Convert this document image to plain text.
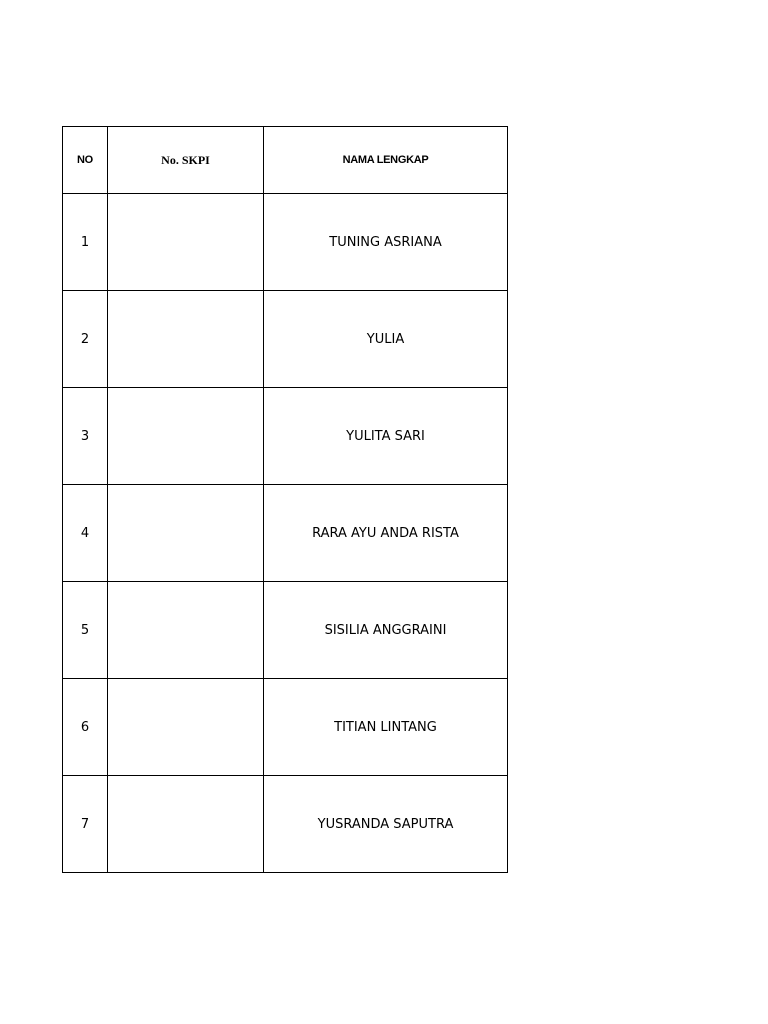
NO	No. SKPI	NAMA LENGKAP
1		TUNING ASRIANA
2		YULIA
3		YULITA SARI
4		RARA AYU ANDA RISTA
5		SISILIA ANGGRAINI
6		TITIAN LINTANG
7		YUSRANDA SAPUTRA
